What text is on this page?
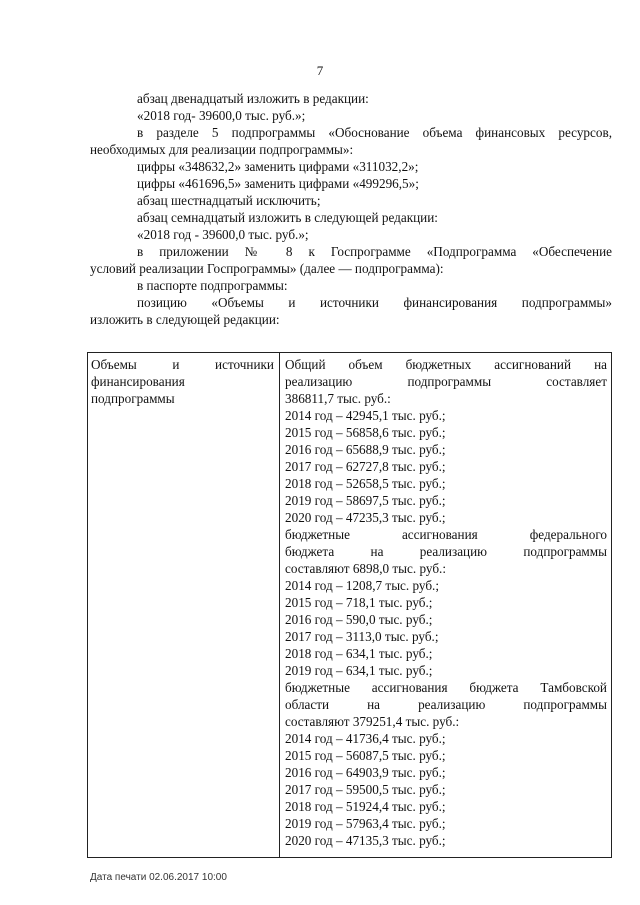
7
абзац двенадцатый изложить в редакции:
«2018 год- 39600,0 тыс. руб.»;
в разделе 5 подпрограммы «Обоснование объема финансовых ресурсов,
необходимых для реализации подпрограммы»:
цифры «348632,2» заменить цифрами «311032,2»;
цифры «461696,5» заменить цифрами «499296,5»;
абзац шестнадцатый исключить;
абзац семнадцатый изложить в следующей редакции:
«2018 год - 39600,0 тыс. руб.»;
в приложении № 8 к Госпрограмме «Подпрограмма «Обеспечение
условий реализации Госпрограммы» (далее — подпрограмма):
в паспорте подпрограммы:
позицию «Объемы и источники финансирования подпрограммы»
изложить в следующей редакции:
Объемы и источники
финансирования
подпрограммы
Общий объем бюджетных ассигнований на
реализацию подпрограммы составляет
386811,7 тыс. руб.:
2014 год – 42945,1 тыс. руб.;
2015 год – 56858,6 тыс. руб.;
2016 год – 65688,9 тыс. руб.;
2017 год – 62727,8 тыс. руб.;
2018 год – 52658,5 тыс. руб.;
2019 год – 58697,5 тыс. руб.;
2020 год – 47235,3 тыс. руб.;
бюджетные ассигнования федерального
бюджета на реализацию подпрограммы
составляют 6898,0 тыс. руб.:
2014 год – 1208,7 тыс. руб.;
2015 год – 718,1 тыс. руб.;
2016 год – 590,0 тыс. руб.;
2017 год – 3113,0 тыс. руб.;
2018 год – 634,1 тыс. руб.;
2019 год – 634,1 тыс. руб.;
бюджетные ассигнования бюджета Тамбовской
области на реализацию подпрограммы
составляют 379251,4 тыс. руб.:
2014 год – 41736,4 тыс. руб.;
2015 год – 56087,5 тыс. руб.;
2016 год – 64903,9 тыс. руб.;
2017 год – 59500,5 тыс. руб.;
2018 год – 51924,4 тыс. руб.;
2019 год – 57963,4 тыс. руб.;
2020 год – 47135,3 тыс. руб.;
Дата печати 02.06.2017 10:00
